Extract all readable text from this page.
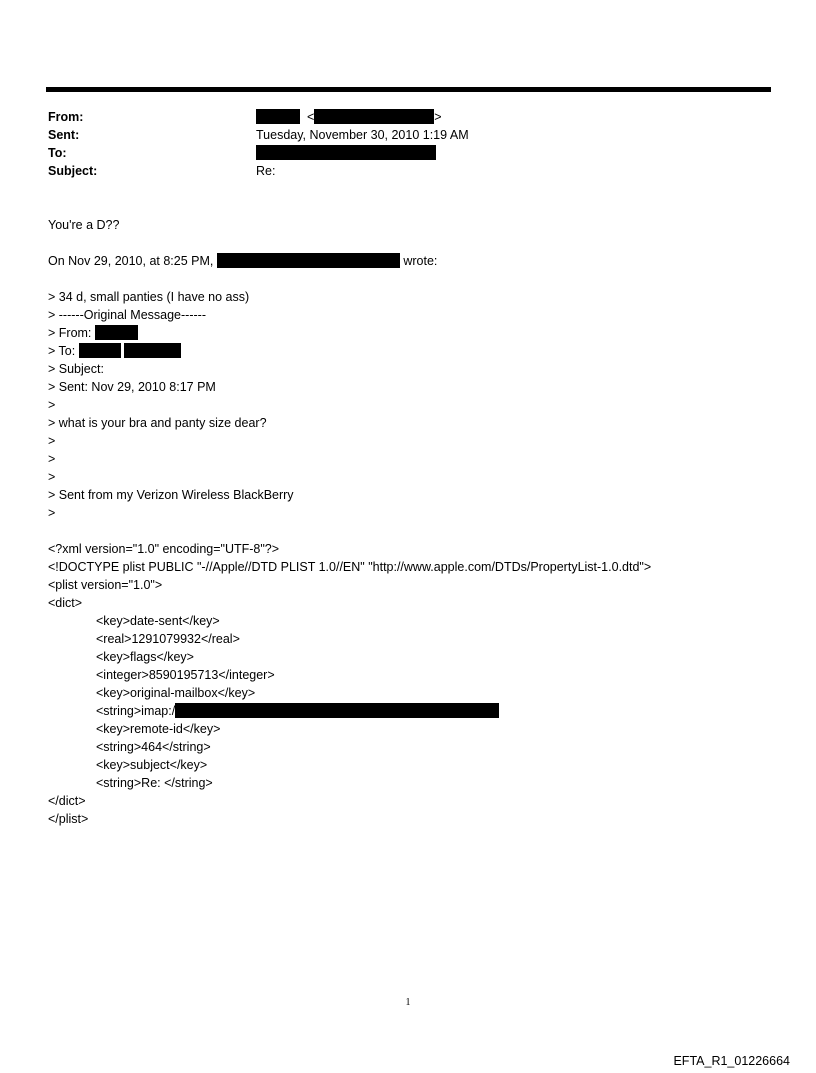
From:	<	>
Sent:	Tuesday, November 30, 2010 1:19 AM
To:
Subject:	Re:
You're a D??
On Nov 29, 2010, at 8:25 PM,	wrote:
> 34 d, small panties (I have no ass)
> ------Original Message------
> From:
> To:
> Subject:
> Sent: Nov 29, 2010 8:17 PM
>
> what is your bra and panty size dear?
>
>
>
> Sent from my Verizon Wireless BlackBerry
>
<?xml version="1.0" encoding="UTF-8"?>
<!DOCTYPE plist PUBLIC "-//Apple//DTD PLIST 1.0//EN" "http://www.apple.com/DTDs/PropertyList-1.0.dtd">
<plist version="1.0">
<dict>
<key>date-sent</key>
<real>1291079932</real>
<key>flags</key>
<integer>8590195713</integer>
<key>original-mailbox</key>
<string>imap:/
<key>remote-id</key>
<string>464</string>
<key>subject</key>
<string>Re: </string>
</dict>
</plist>
1
EFTA_R1_01226664
